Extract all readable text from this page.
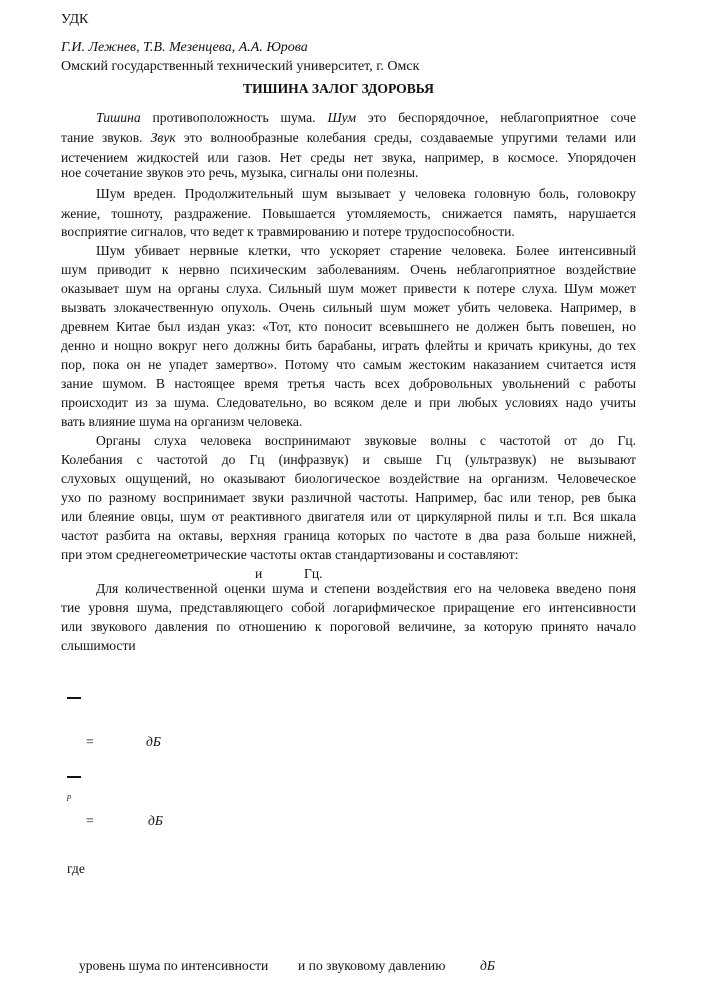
УДК
Г.И. Лежнев, Т.В. Мезенцева, А.А. Юрова
Омский государственный технический университет, г. Омск
ТИШИНА ЗАЛОГ ЗДОРОВЬЯ
Тишина противоположность шума. Шум это беспорядочное, неблагоприятное соче
тание звуков. Звук это волнообразные колебания среды, создаваемые упругими телами или
истечением жидкостей или газов. Нет среды нет звука, например, в космосе. Упорядочен
ное сочетание звуков это речь, музыка, сигналы они полезны.
Шум вреден. Продолжительный шум вызывает у человека головную боль, головокру
жение, тошноту, раздражение. Повышается утомляемость, снижается память, нарушается
восприятие сигналов, что ведет к травмированию и потере трудоспособности.
Шум убивает нервные клетки, что ускоряет старение человека. Более интенсивный
шум приводит к нервно психическим заболеваниям. Очень неблагоприятное воздействие
оказывает шум на органы слуха. Сильный шум может привести к потере слуха. Шум может
вызвать злокачественную опухоль. Очень сильный шум может убить человека. Например, в
древнем Китае был издан указ: «Тот, кто поносит всевышнего не должен быть повешен, но
денно и нощно вокруг него должны бить барабаны, играть флейты и кричать крикуны, до тех
пор, пока он не упадет замертво». Потому что самым жестоким наказанием считается истя
зание шумом. В настоящее время третья часть всех добровольных увольнений с работы
происходит из за шума. Следовательно, во всяком деле и при любых условиях надо учиты
вать влияние шума на организм человека.
Органы слуха человека воспринимают звуковые волны с частотой от до Гц.
Колебания с частотой до Гц (инфразвук) и свыше Гц (ультразвук) не вызывают
слуховых ощущений, но оказывают биологическое воздействие на организм. Человеческое
ухо по разному воспринимает звуки различной частоты. Например, бас или тенор, рев быка
или блеяние овцы, шум от реактивного двигателя или от циркулярной пилы и т.п. Вся шкала
частот разбита на октавы, верхняя граница которых по частоте в два раза больше нижней,
при этом среднегеометрические частоты октав стандартизованы и составляют:
и	Гц.
Для количественной оценки шума и степени воздействия его на человека введено поня
тие уровня шума, представляющего собой логарифмическое приращение его интенсивности
или звукового давления по отношению к пороговой величине, за которую принято начало
слышимости
=	дБ
p
=	дБ
где
уровень шума по интенсивности и по звуковому давлению	дБ
